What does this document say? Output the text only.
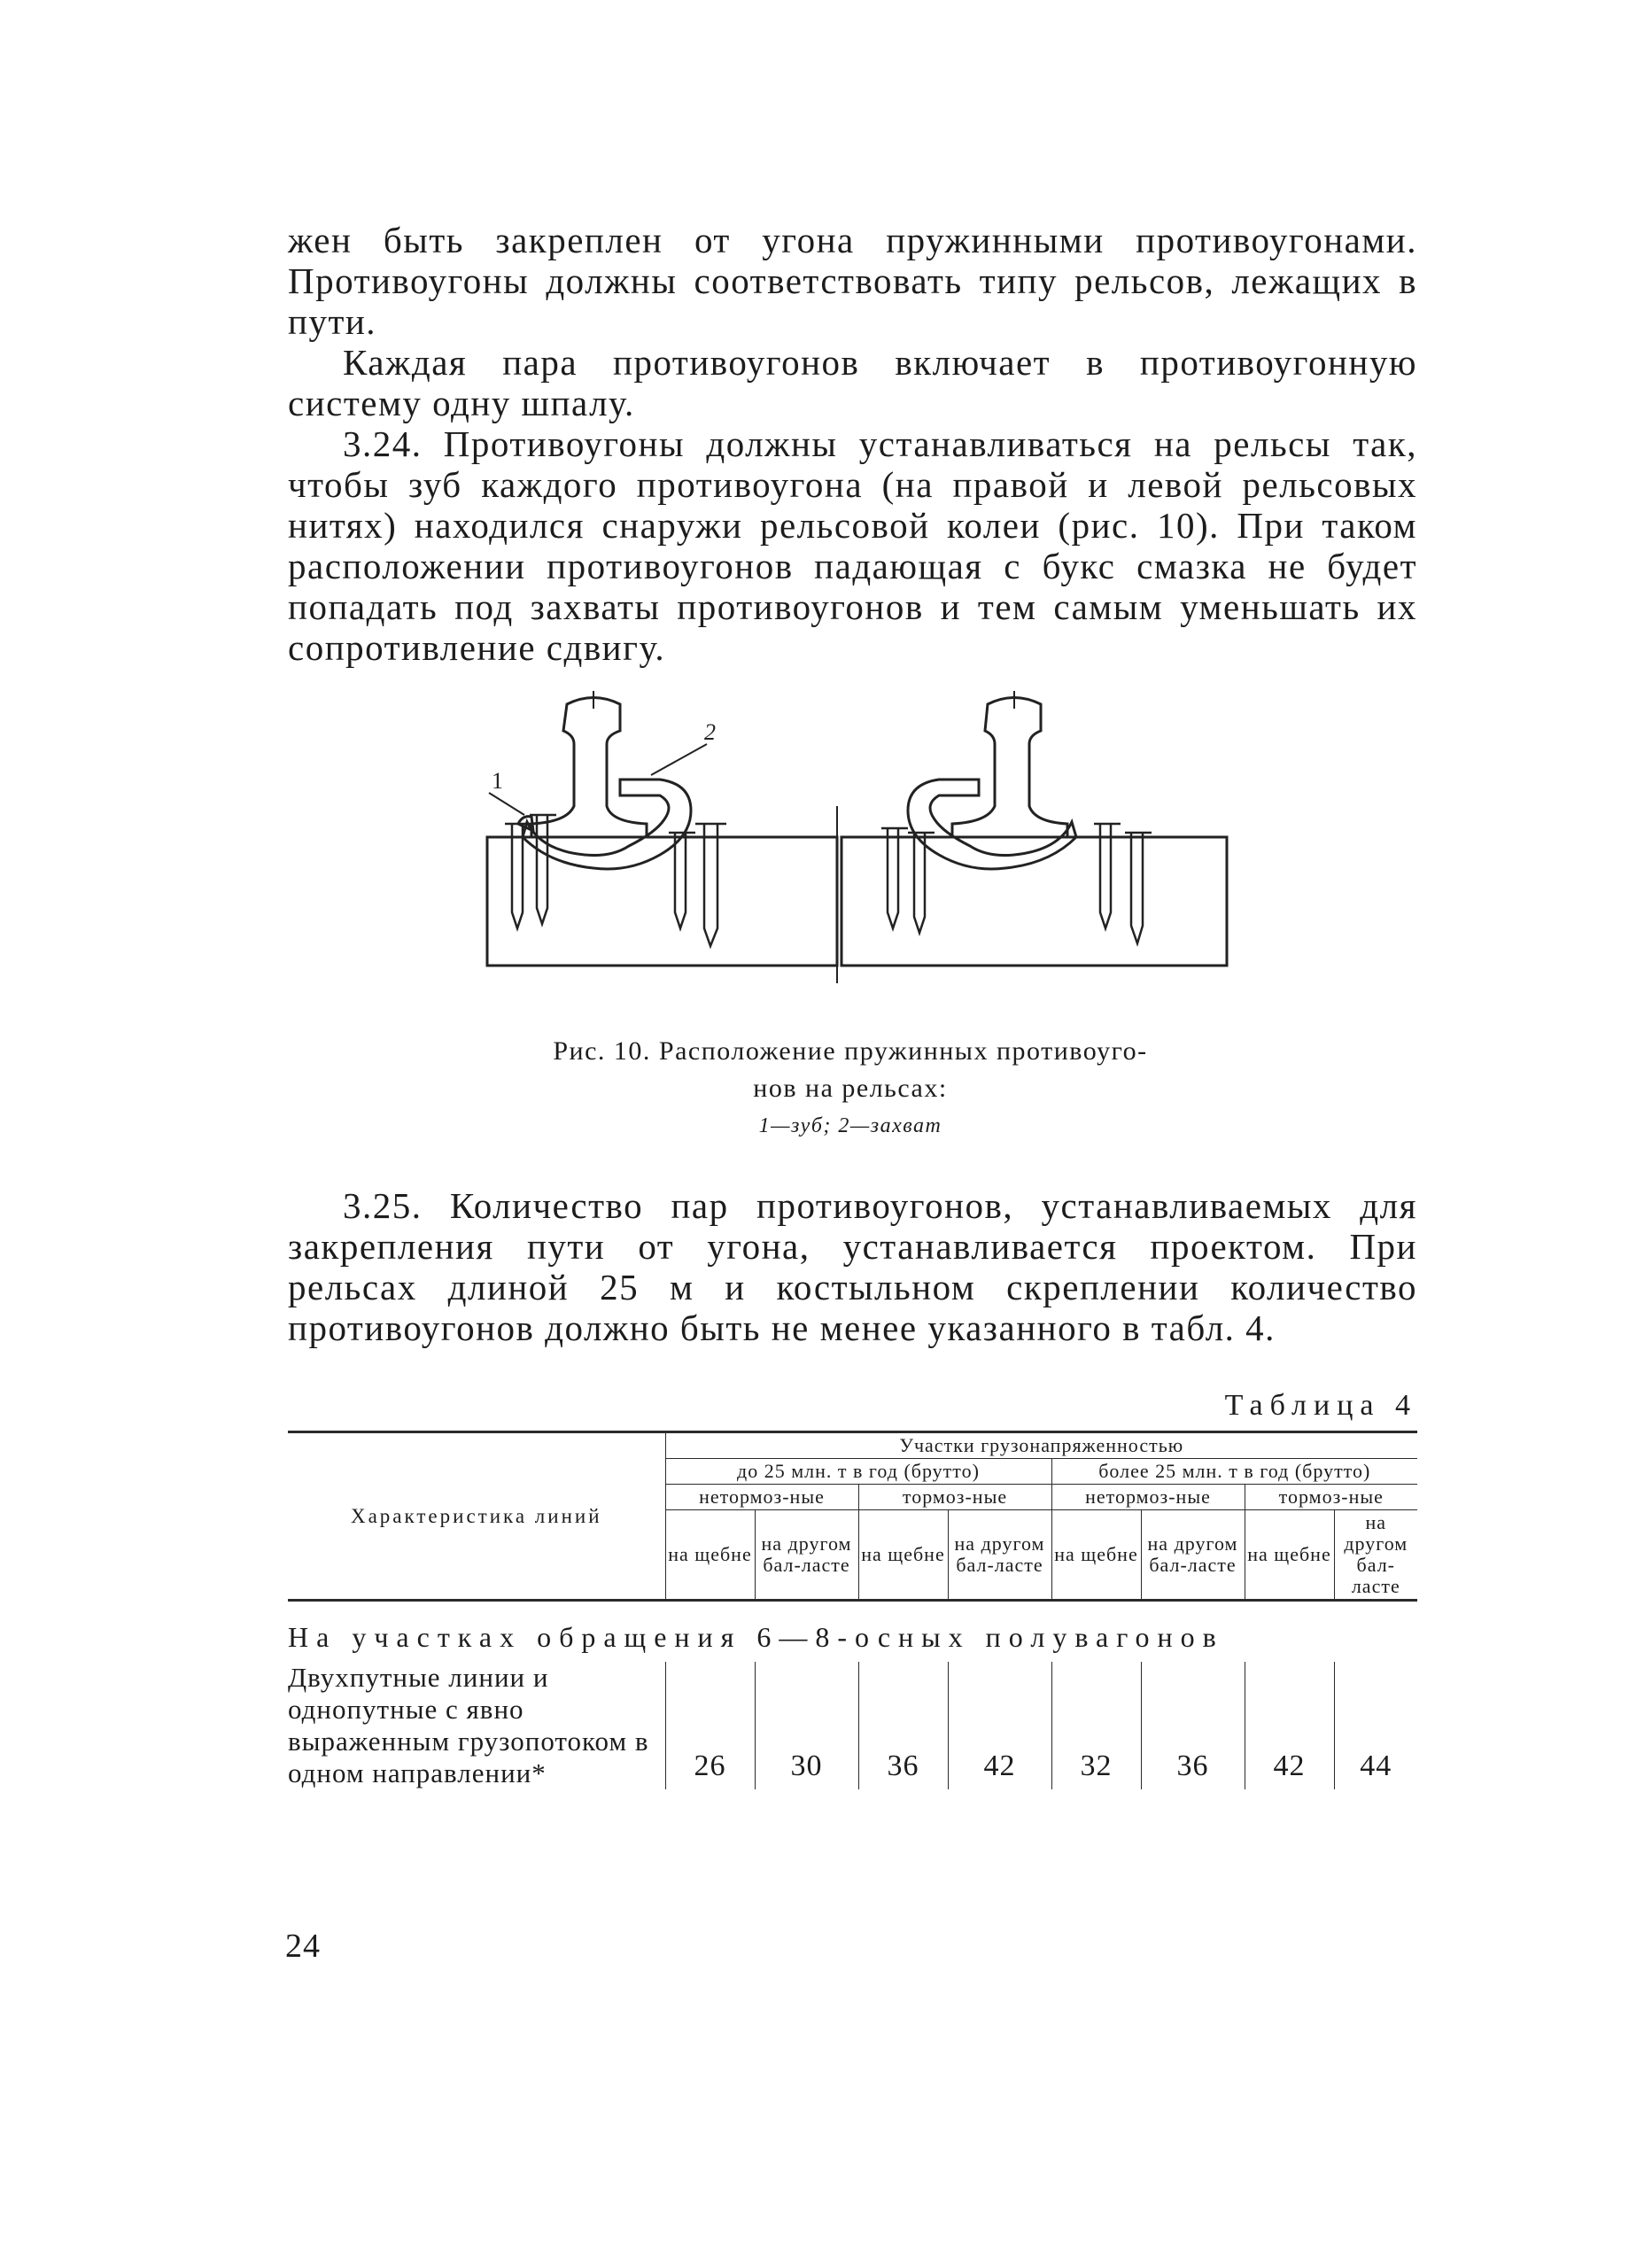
жен быть закреплен от угона пружинными противоугонами. Противоугоны должны соответствовать типу рельсов, лежащих в пути.

Каждая пара противоугонов включает в противоугонную систему одну шпалу.

3.24. Противоугоны должны устанавливаться на рельсы так, чтобы зуб каждого противоугона (на правой и левой рельсовых нитях) находился снаружи рельсовой колеи (рис. 10). При таком расположении противоугонов падающая с букс смазка не будет попадать под захваты противоугонов и тем самым уменьшать их сопротивление сдвигу.

1
2
Рис. 10. Расположение пружинных противоуго-
нов на рельсах:
1—зуб; 2—захват

3.25. Количество пар противоугонов, устанавливаемых для закрепления пути от угона, устанавливается проектом. При рельсах длиной 25 м и костыльном скреплении количество противоугонов должно быть не менее указанного в табл. 4.

Таблица 4
Характеристика линий	Участки грузонапряженностью							
	до 25 млн. т в год (брутто)				более 25 млн. т в год (брутто)			
	нетормоз-ные		тормоз-ные		нетормоз-ные		тормоз-ные	
	на щебне	на другом бал-ласте	на щебне	на другом бал-ласте	на щебне	на другом бал-ласте	на щебне	на другом бал-ласте
На участках обращения 6—8-осных полувагонов								
Двухпутные линии и однопутные с явно выраженным грузопотоком в одном направлении*	26	30	36	42	32	36	42	44
24
